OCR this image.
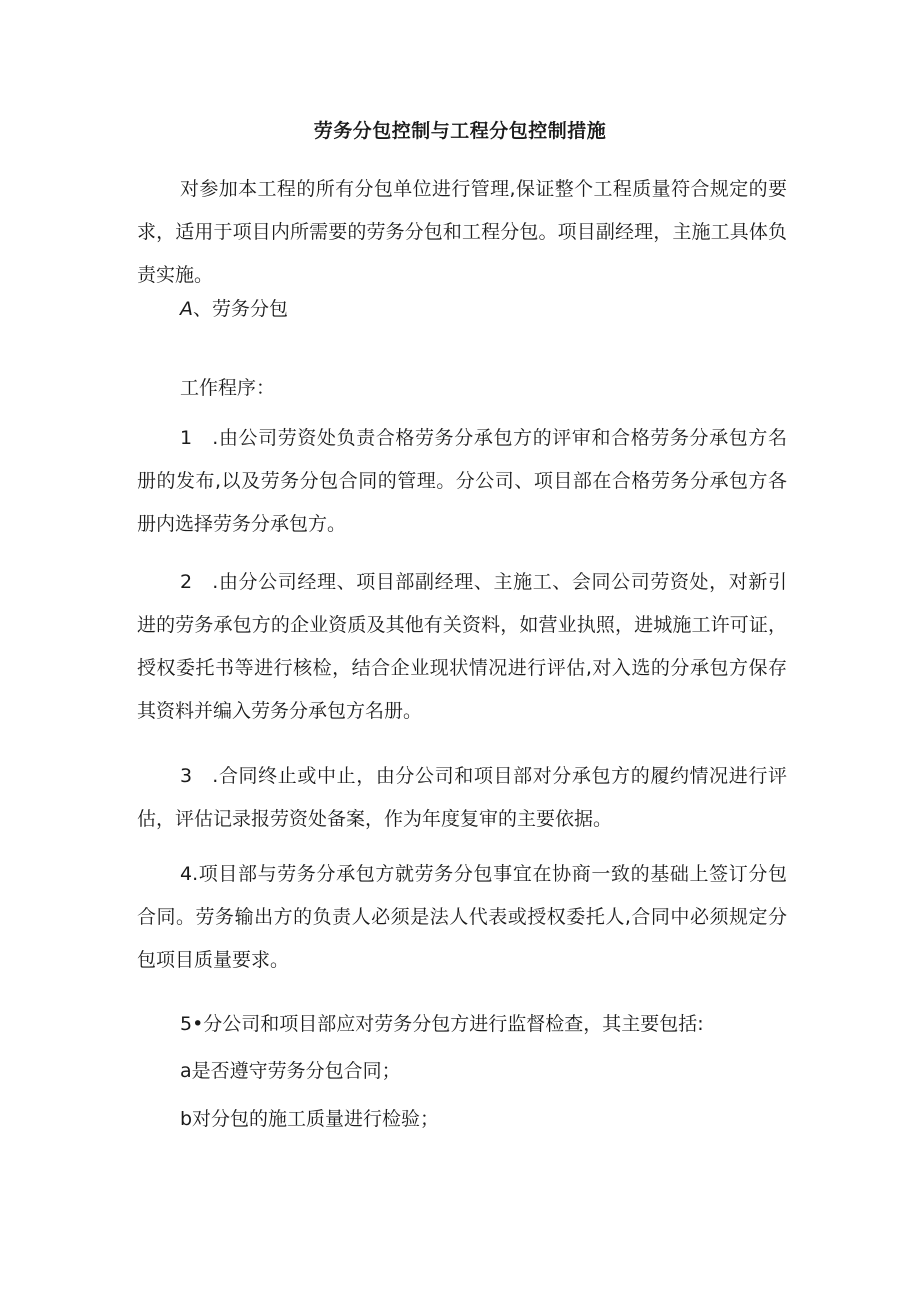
劳务分包控制与工程分包控制措施

对参加本工程的所有分包单位进行管理,保证整个工程质量符合规定的要求，适用于项目内所需要的劳务分包和工程分包。项目副经理，主施工具体负责实施。

A、劳务分包
工作程序：

1　.由公司劳资处负责合格劳务分承包方的评审和合格劳务分承包方名册的发布,以及劳务分包合同的管理。分公司、项目部在合格劳务分承包方各册内选择劳务分承包方。

2　.由分公司经理、项目部副经理、主施工、会同公司劳资处，对新引进的劳务承包方的企业资质及其他有关资料，如营业执照，进城施工许可证，授权委托书等进行核检，结合企业现状情况进行评估,对入选的分承包方保存其资料并编入劳务分承包方名册。

3　.合同终止或中止，由分公司和项目部对分承包方的履约情况进行评估，评估记录报劳资处备案，作为年度复审的主要依据。

4.项目部与劳务分承包方就劳务分包事宜在协商一致的基础上签订分包合同。劳务输出方的负责人必须是法人代表或授权委托人,合同中必须规定分包项目质量要求。

5•分公司和项目部应对劳务分包方进行监督检查，其主要包括:
a是否遵守劳务分包合同；
b对分包的施工质量进行检验；
